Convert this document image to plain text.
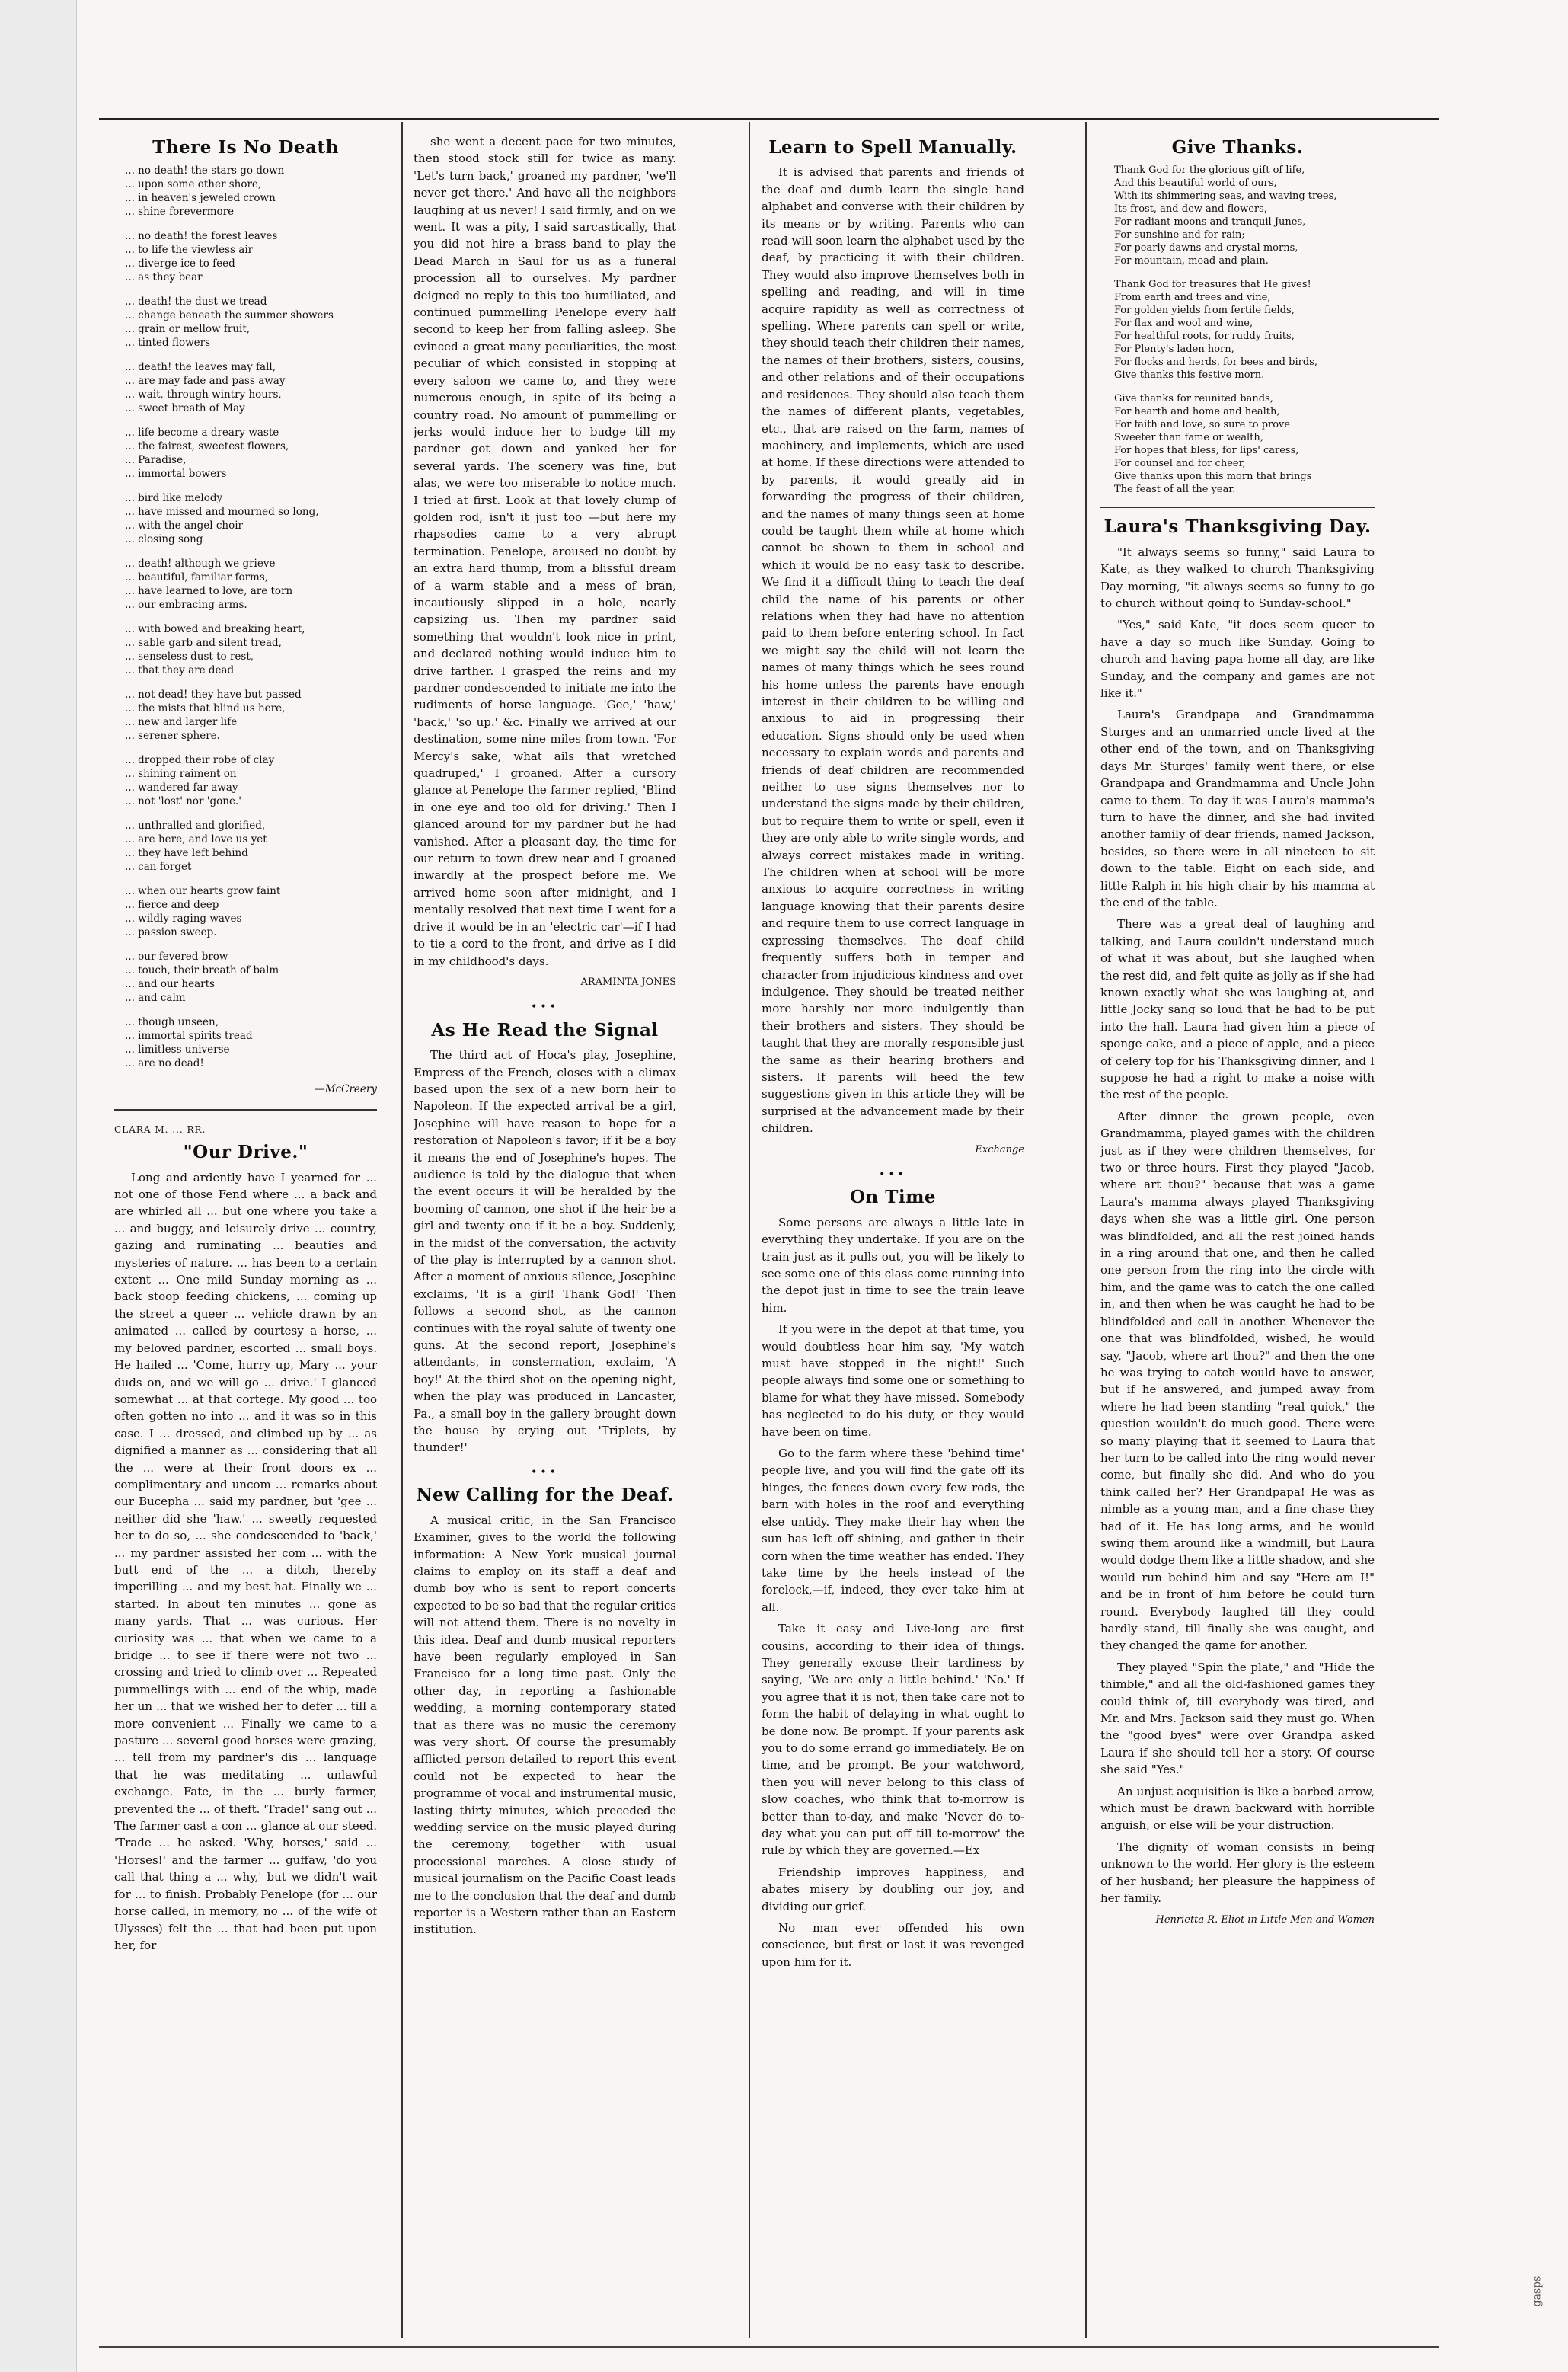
There Is No Death
... no death! the stars go down
... upon some other shore,
... in heaven's jeweled crown
... shine forevermore
... no death! the forest leaves
... to life the viewless air
... diverge ice to feed
... as they bear
... death! the dust we tread
... change beneath the summer showers
... grain or mellow fruit,
... tinted flowers
... death! the leaves may fall,
... are may fade and pass away
... wait, through wintry hours,
... sweet breath of May
... life become a dreary waste
... the fairest, sweetest flowers,
... Paradise,
... immortal bowers
... bird like melody
... have missed and mourned so long,
... with the angel choir
... closing song
... death! although we grieve
... beautiful, familiar forms,
... have learned to love, are torn
... our embracing arms.
... with bowed and breaking heart,
... sable garb and silent tread,
... senseless dust to rest,
... that they are dead
... not dead! they have but passed
... the mists that blind us here,
... new and larger life
... serener sphere.
... dropped their robe of clay
... shining raiment on
... wandered far away
... not 'lost' nor 'gone.'
... unthralled and glorified,
... are here, and love us yet
... they have left behind
... can forget
... when our hearts grow faint
... fierce and deep
... wildly raging waves
... passion sweep.
... our fevered brow
... touch, their breath of balm
... and our hearts
... and calm
... though unseen,
... immortal spirits tread
... limitless universe
... are no dead!
—McCreery
CLARA M. ... RR.
"Our Drive."

Long and ardently have I yearned for ... not one of those Fend where ... a back and are whirled all ... but one where you take a ... and buggy, and leisurely drive ... country, gazing and ruminating ... beauties and mysteries of nature. ... has been to a certain extent ... One mild Sunday morning as ... back stoop feeding chickens, ... coming up the street a queer ... vehicle drawn by an animated ... called by courtesy a horse, ... my beloved pardner, escorted ... small boys. He hailed ... 'Come, hurry up, Mary ... your duds on, and we will go ... drive.' I glanced somewhat ... at that cortege. My good ... too often gotten no into ... and it was so in this case. I ... dressed, and climbed up by ... as dignified a manner as ... considering that all the ... were at their front doors ex ... complimentary and uncom ... remarks about our Bucepha ... said my pardner, but 'gee ... neither did she 'haw.' ... sweetly requested her to do so, ... she condescended to 'back,' ... my pardner assisted her com ... with the butt end of the ... a ditch, thereby imperilling ... and my best hat. Finally we ... started. In about ten minutes ... gone as many yards. That ... was curious. Her curiosity was ... that when we came to a bridge ... to see if there were not two ... crossing and tried to climb over ... Repeated pummellings with ... end of the whip, made her un ... that we wished her to defer ... till a more convenient ... Finally we came to a pasture ... several good horses were grazing, ... tell from my pardner's dis ... language that he was meditating ... unlawful exchange. Fate, in the ... burly farmer, prevented the ... of theft. 'Trade!' sang out ... The farmer cast a con ... glance at our steed. 'Trade ... he asked. 'Why, horses,' said ... 'Horses!' and the farmer ... guffaw, 'do you call that thing a ... why,' but we didn't wait for ... to finish. Probably Penelope (for ... our horse called, in memory, no ... of the wife of Ulysses) felt the ... that had been put upon her, for

she went a decent pace for two minutes, then stood stock still for twice as many. 'Let's turn back,' groaned my pardner, 'we'll never get there.' And have all the neighbors laughing at us never! I said firmly, and on we went. It was a pity, I said sarcastically, that you did not hire a brass band to play the Dead March in Saul for us as a funeral procession all to ourselves. My pardner deigned no reply to this too humiliated, and continued pummelling Penelope every half second to keep her from falling asleep. She evinced a great many peculiarities, the most peculiar of which consisted in stopping at every saloon we came to, and they were numerous enough, in spite of its being a country road. No amount of pummelling or jerks would induce her to budge till my pardner got down and yanked her for several yards. The scenery was fine, but alas, we were too miserable to notice much. I tried at first. Look at that lovely clump of golden rod, isn't it just too —but here my rhapsodies came to a very abrupt termination. Penelope, aroused no doubt by an extra hard thump, from a blissful dream of a warm stable and a mess of bran, incautiously slipped in a hole, nearly capsizing us. Then my pardner said something that wouldn't look nice in print, and declared nothing would induce him to drive farther. I grasped the reins and my pardner condescended to initiate me into the rudiments of horse language. 'Gee,' 'haw,' 'back,' 'so up.' &c. Finally we arrived at our destination, some nine miles from town. 'For Mercy's sake, what ails that wretched quadruped,' I groaned. After a cursory glance at Penelope the farmer replied, 'Blind in one eye and too old for driving.' Then I glanced around for my pardner but he had vanished. After a pleasant day, the time for our return to town drew near and I groaned inwardly at the prospect before me. We arrived home soon after midnight, and I mentally resolved that next time I went for a drive it would be in an 'electric car'—if I had to tie a cord to the front, and drive as I did in my childhood's days.

ARAMINTA JONES
•••
As He Read the Signal

The third act of Hoca's play, Josephine, Empress of the French, closes with a climax based upon the sex of a new born heir to Napoleon. If the expected arrival be a girl, Josephine will have reason to hope for a restoration of Napoleon's favor; if it be a boy it means the end of Josephine's hopes. The audience is told by the dialogue that when the event occurs it will be heralded by the booming of cannon, one shot if the heir be a girl and twenty one if it be a boy. Suddenly, in the midst of the conversation, the activity of the play is interrupted by a cannon shot. After a moment of anxious silence, Josephine exclaims, 'It is a girl! Thank God!' Then follows a second shot, as the cannon continues with the royal salute of twenty one guns. At the second report, Josephine's attendants, in consternation, exclaim, 'A boy!' At the third shot on the opening night, when the play was produced in Lancaster, Pa., a small boy in the gallery brought down the house by crying out 'Triplets, by thunder!'

•••
New Calling for the Deaf.

A musical critic, in the San Francisco Examiner, gives to the world the following information: A New York musical journal claims to employ on its staff a deaf and dumb boy who is sent to report concerts expected to be so bad that the regular critics will not attend them. There is no novelty in this idea. Deaf and dumb musical reporters have been regularly employed in San Francisco for a long time past. Only the other day, in reporting a fashionable wedding, a morning contemporary stated that as there was no music the ceremony was very short. Of course the presumably afflicted person detailed to report this event could not be expected to hear the programme of vocal and instrumental music, lasting thirty minutes, which preceded the wedding service on the music played during the ceremony, together with usual processional marches. A close study of musical journalism on the Pacific Coast leads me to the conclusion that the deaf and dumb reporter is a Western rather than an Eastern institution.

Learn to Spell Manually.

It is advised that parents and friends of the deaf and dumb learn the single hand alphabet and converse with their children by its means or by writing. Parents who can read will soon learn the alphabet used by the deaf, by practicing it with their children. They would also improve themselves both in spelling and reading, and will in time acquire rapidity as well as correctness of spelling. Where parents can spell or write, they should teach their children their names, the names of their brothers, sisters, cousins, and other relations and of their occupations and residences. They should also teach them the names of different plants, vegetables, etc., that are raised on the farm, names of machinery, and implements, which are used at home. If these directions were attended to by parents, it would greatly aid in forwarding the progress of their children, and the names of many things seen at home could be taught them while at home which cannot be shown to them in school and which it would be no easy task to describe. We find it a difficult thing to teach the deaf child the name of his parents or other relations when they had have no attention paid to them before entering school. In fact we might say the child will not learn the names of many things which he sees round his home unless the parents have enough interest in their children to be willing and anxious to aid in progressing their education. Signs should only be used when necessary to explain words and parents and friends of deaf children are recommended neither to use signs themselves nor to understand the signs made by their children, but to require them to write or spell, even if they are only able to write single words, and always correct mistakes made in writing. The children when at school will be more anxious to acquire correctness in writing language knowing that their parents desire and require them to use correct language in expressing themselves. The deaf child frequently suffers both in temper and character from injudicious kindness and over indulgence. They should be treated neither more harshly nor more indulgently than their brothers and sisters. They should be taught that they are morally responsible just the same as their hearing brothers and sisters. If parents will heed the few suggestions given in this article they will be surprised at the advancement made by their children.

Exchange
•••
On Time

Some persons are always a little late in everything they undertake. If you are on the train just as it pulls out, you will be likely to see some one of this class come running into the depot just in time to see the train leave him.

If you were in the depot at that time, you would doubtless hear him say, 'My watch must have stopped in the night!' Such people always find some one or something to blame for what they have missed. Somebody has neglected to do his duty, or they would have been on time.

Go to the farm where these 'behind time' people live, and you will find the gate off its hinges, the fences down every few rods, the barn with holes in the roof and everything else untidy. They make their hay when the sun has left off shining, and gather in their corn when the time weather has ended. They take time by the heels instead of the forelock,—if, indeed, they ever take him at all.

Take it easy and Live-long are first cousins, according to their idea of things. They generally excuse their tardiness by saying, 'We are only a little behind.' 'No.' If you agree that it is not, then take care not to form the habit of delaying in what ought to be done now. Be prompt. If your parents ask you to do some errand go immediately. Be on time, and be prompt. Be your watchword, then you will never belong to this class of slow coaches, who think that to-morrow is better than to-day, and make 'Never do to-day what you can put off till to-morrow' the rule by which they are governed.—Ex

Friendship improves happiness, and abates misery by doubling our joy, and dividing our grief.

No man ever offended his own conscience, but first or last it was revenged upon him for it.

Give Thanks.
Thank God for the glorious gift of life,
And this beautiful world of ours,
With its shimmering seas, and waving trees,
Its frost, and dew and flowers,
For radiant moons and tranquil Junes,
For sunshine and for rain;
For pearly dawns and crystal morns,
For mountain, mead and plain.
Thank God for treasures that He gives!
From earth and trees and vine,
For golden yields from fertile fields,
For flax and wool and wine,
For healthful roots, for ruddy fruits,
For Plenty's laden horn,
For flocks and herds, for bees and birds,
Give thanks this festive morn.
Give thanks for reunited bands,
For hearth and home and health,
For faith and love, so sure to prove
Sweeter than fame or wealth,
For hopes that bless, for lips' caress,
For counsel and for cheer,
Give thanks upon this morn that brings
The feast of all the year.
Laura's Thanksgiving Day.

"It always seems so funny," said Laura to Kate, as they walked to church Thanksgiving Day morning, "it always seems so funny to go to church without going to Sunday-school."

"Yes," said Kate, "it does seem queer to have a day so much like Sunday. Going to church and having papa home all day, are like Sunday, and the company and games are not like it."

Laura's Grandpapa and Grandmamma Sturges and an unmarried uncle lived at the other end of the town, and on Thanksgiving days Mr. Sturges' family went there, or else Grandpapa and Grandmamma and Uncle John came to them. To day it was Laura's mamma's turn to have the dinner, and she had invited another family of dear friends, named Jackson, besides, so there were in all nineteen to sit down to the table. Eight on each side, and little Ralph in his high chair by his mamma at the end of the table.

There was a great deal of laughing and talking, and Laura couldn't understand much of what it was about, but she laughed when the rest did, and felt quite as jolly as if she had known exactly what she was laughing at, and little Jocky sang so loud that he had to be put into the hall. Laura had given him a piece of sponge cake, and a piece of apple, and a piece of celery top for his Thanksgiving dinner, and I suppose he had a right to make a noise with the rest of the people.

After dinner the grown people, even Grandmamma, played games with the children just as if they were children themselves, for two or three hours. First they played "Jacob, where art thou?" because that was a game Laura's mamma always played Thanksgiving days when she was a little girl. One person was blindfolded, and all the rest joined hands in a ring around that one, and then he called one person from the ring into the circle with him, and the game was to catch the one called in, and then when he was caught he had to be blindfolded and call in another. Whenever the one that was blindfolded, wished, he would say, "Jacob, where art thou?" and then the one he was trying to catch would have to answer, but if he answered, and jumped away from where he had been standing "real quick," the question wouldn't do much good. There were so many playing that it seemed to Laura that her turn to be called into the ring would never come, but finally she did. And who do you think called her? Her Grandpapa! He was as nimble as a young man, and a fine chase they had of it. He has long arms, and he would swing them around like a windmill, but Laura would dodge them like a little shadow, and she would run behind him and say "Here am I!" and be in front of him before he could turn round. Everybody laughed till they could hardly stand, till finally she was caught, and they changed the game for another.

They played "Spin the plate," and "Hide the thimble," and all the old-fashioned games they could think of, till everybody was tired, and Mr. and Mrs. Jackson said they must go. When the "good byes" were over Grandpa asked Laura if she should tell her a story. Of course she said "Yes."

An unjust acquisition is like a barbed arrow, which must be drawn backward with horrible anguish, or else will be your distruction.

The dignity of woman consists in being unknown to the world. Her glory is the esteem of her husband; her pleasure the happiness of her family.

—Henrietta R. Eliot in Little Men and Women
gasps
